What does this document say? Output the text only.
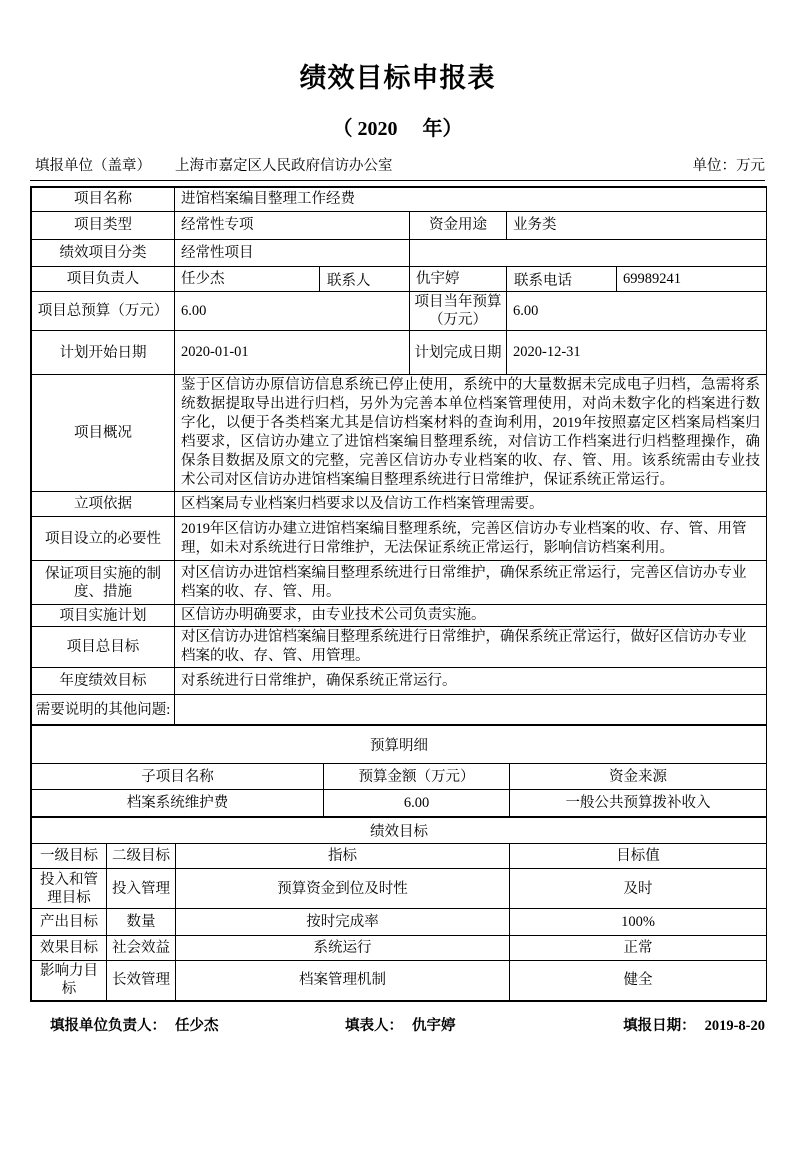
绩效目标申报表
（ 2020　 年）
填报单位（盖章） 上海市嘉定区人民政府信访办公室	单位：万元
项目名称	进馆档案编目整理工作经费				
项目类型	经常性专项		资金用途	业务类	
绩效项目分类	经常性项目				
项目负责人	任少杰	联系人	仇宇婷	联系电话	69989241
项目总预算（万元）	6.00		项目当年预算（万元）	6.00	
计划开始日期	2020-01-01		计划完成日期	2020-12-31	
项目概况	鉴于区信访办原信访信息系统已停止使用，系统中的大量数据未完成电子归档，急需将系统数据提取导出进行归档，另外为完善本单位档案管理使用，对尚未数字化的档案进行数字化，以便于各类档案尤其是信访档案材料的查询利用，2019年按照嘉定区档案局档案归档要求，区信访办建立了进馆档案编目整理系统，对信访工作档案进行归档整理操作，确保条目数据及原文的完整，完善区信访办专业档案的收、存、管、用。该系统需由专业技术公司对区信访办进馆档案编目整理系统进行日常维护，保证系统正常运行。				
立项依据	区档案局专业档案归档要求以及信访工作档案管理需要。				
项目设立的必要性	2019年区信访办建立进馆档案编目整理系统，完善区信访办专业档案的收、存、管、用管理，如未对系统进行日常维护，无法保证系统正常运行，影响信访档案利用。				
保证项目实施的制度、措施	对区信访办进馆档案编目整理系统进行日常维护，确保系统正常运行，完善区信访办专业档案的收、存、管、用。				
项目实施计划	区信访办明确要求，由专业技术公司负责实施。				
项目总目标	对区信访办进馆档案编目整理系统进行日常维护，确保系统正常运行，做好区信访办专业档案的收、存、管、用管理。				
年度绩效目标	对系统进行日常维护，确保系统正常运行。				
需要说明的其他问题:					
预算明细		
子项目名称	预算金额（万元）	资金来源
档案系统维护费	6.00	一般公共预算拨补收入
绩效目标			
一级目标	二级目标	指标	目标值
投入和管理目标	投入管理	预算资金到位及时性	及时
产出目标	数量	按时完成率	100%
效果目标	社会效益	系统运行	正常
影响力目标	长效管理	档案管理机制	健全
填报单位负责人： 任少杰	填表人： 仇宇婷	填报日期： 2019-8-20
